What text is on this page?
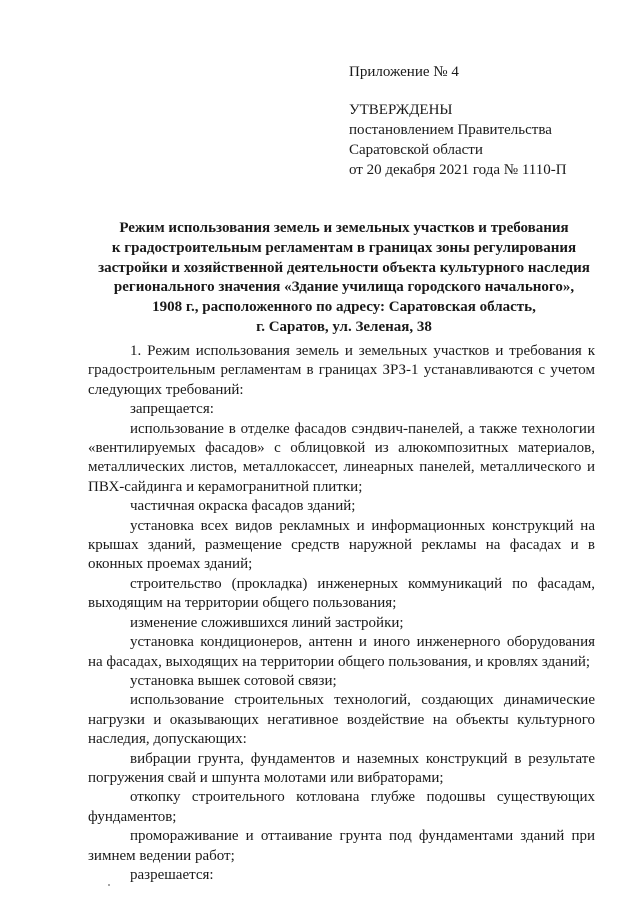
Приложение № 4
УТВЕРЖДЕНЫ
постановлением Правительства
Саратовской области
от 20 декабря 2021 года № 1110-П
Режим использования земель и земельных участков и требования
к градостроительным регламентам в границах зоны регулирования
застройки и хозяйственной деятельности объекта культурного наследия
регионального значения «Здание училища городского начального»,
1908 г., расположенного по адресу: Саратовская область,
г. Саратов, ул. Зеленая, 38

1. Режим использования земель и земельных участков и требования к градостроительным регламентам в границах ЗРЗ-1 устанавливаются с учетом следующих требований:

запрещается:

использование в отделке фасадов сэндвич-панелей, а также технологии «вентилируемых фасадов» с облицовкой из алюкомпозитных материалов, металлических листов, металлокассет, линеарных панелей, металлического и ПВХ-сайдинга и керамогранитной плитки;

частичная окраска фасадов зданий;

установка всех видов рекламных и информационных конструкций на крышах зданий, размещение средств наружной рекламы на фасадах и в оконных проемах зданий;

строительство (прокладка) инженерных коммуникаций по фасадам, выходящим на территории общего пользования;

изменение сложившихся линий застройки;

установка кондиционеров, антенн и иного инженерного оборудования на фасадах, выходящих на территории общего пользования, и кровлях зданий;

установка вышек сотовой связи;

использование строительных технологий, создающих динамические нагрузки и оказывающих негативное воздействие на объекты культурного наследия, допускающих:

вибрации грунта, фундаментов и наземных конструкций в результате погружения свай и шпунта молотами или вибраторами;

откопку строительного котлована глубже подошвы существующих фундаментов;

промораживание и оттаивание грунта под фундаментами зданий при зимнем ведении работ;

разрешается:
